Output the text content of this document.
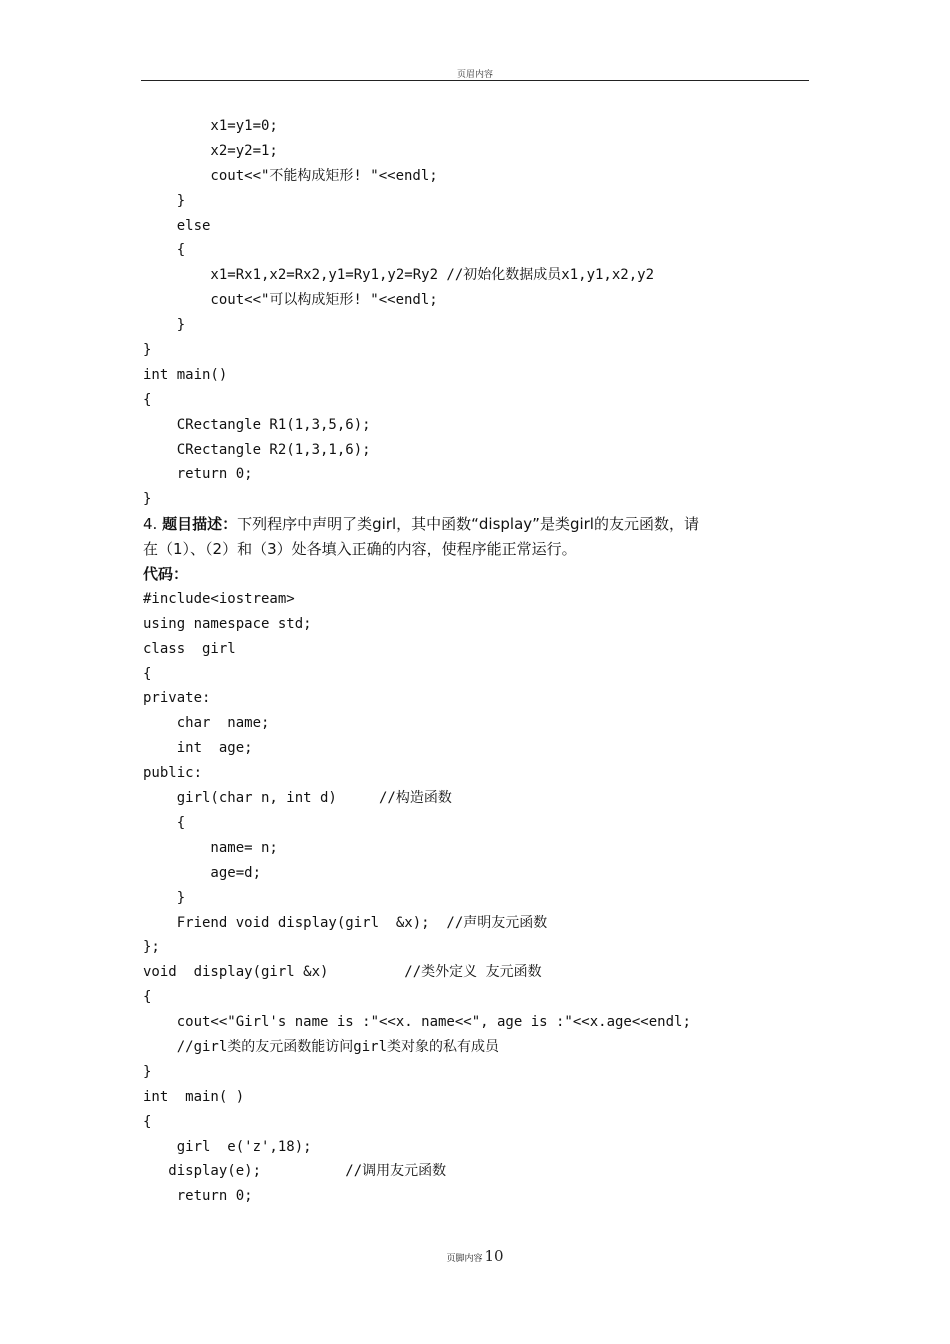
页眉内容
x1=y1=0;
x2=y2=1;
cout<<"不能构成矩形! "<<endl;
}
else
{
x1=Rx1,x2=Rx2,y1=Ry1,y2=Ry2 //初始化数据成员x1,y1,x2,y2
cout<<"可以构成矩形! "<<endl;
}
}
int main()
{
CRectangle R1(1,3,5,6);
CRectangle R2(1,3,1,6);
return 0;
}
4. 题目描述：下列程序中声明了类girl，其中函数“display”是类girl的友元函数，请
在（1）、（2）和（3）处各填入正确的内容，使程序能正常运行。
代码：
#include<iostream>
using namespace std;
class  girl
{
private:
char  name;
int  age;
public:
girl(char n, int d)     //构造函数
{
name= n;
age=d;
}
Friend void display(girl  &x);  //声明友元函数
};
void  display(girl &x)         //类外定义 友元函数
{
cout<<"Girl's name is :"<<x. name<<", age is :"<<x.age<<endl;
//girl类的友元函数能访问girl类对象的私有成员
}
int  main( )
{
girl  e('z',18);
display(e);          //调用友元函数
return 0;
页脚内容 10
